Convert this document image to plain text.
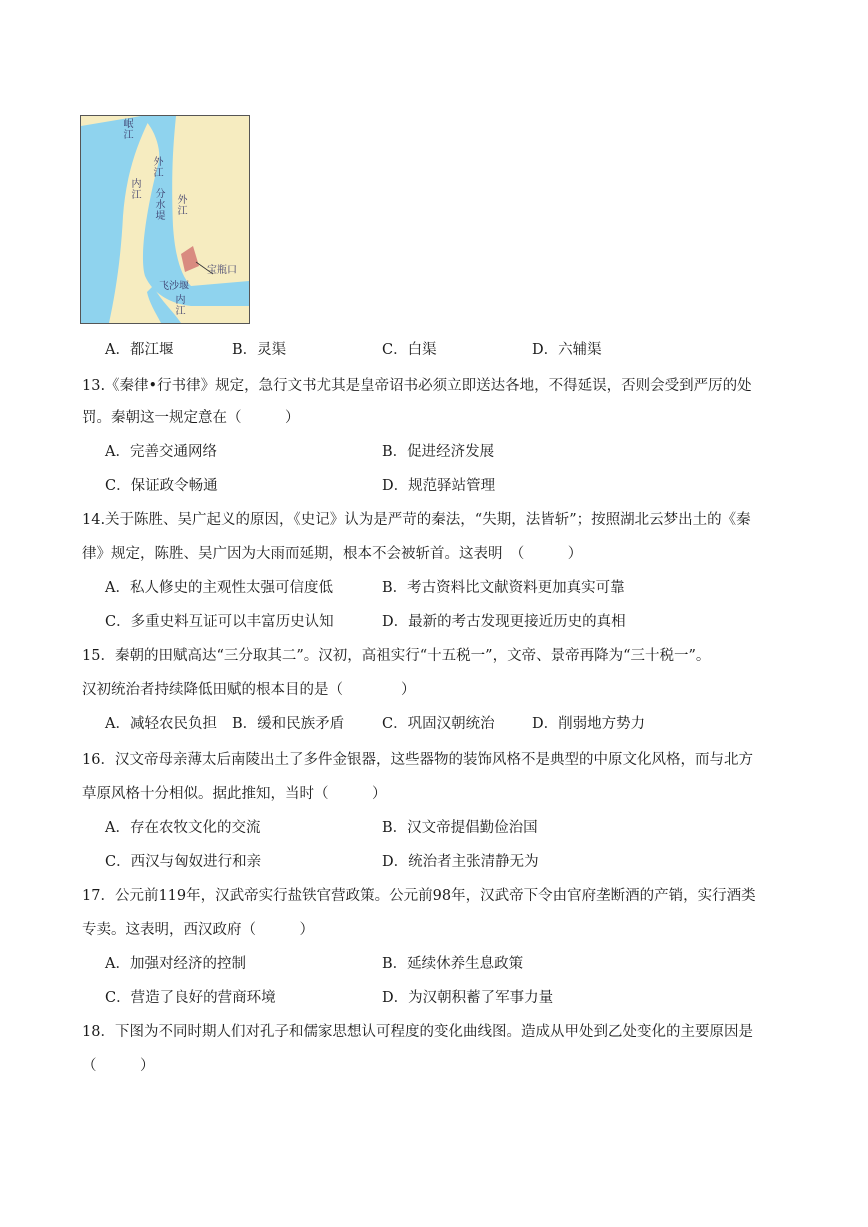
岷江
外江
内江
外江
分水堤
宝瓶口
飞沙堰
内江
A．都江堰	B．灵渠	C．白渠	D．六辅渠
13.《秦律•行书律》规定，急行文书尤其是皇帝诏书必须立即送达各地，不得延误，否则会受到严厉的处
罚。秦朝这一规定意在（　　　）
A．完善交通网络	B．促进经济发展
C．保证政令畅通	D．规范驿站管理
14.关于陈胜、吴广起义的原因，《史记》认为是严苛的秦法，“失期，法皆斩”；按照湖北云梦出土的《秦
律》规定，陈胜、吴广因为大雨而延期，根本不会被斩首。这表明　（　　　）
A．私人修史的主观性太强可信度低	B．考古资料比文献资料更加真实可靠
C．多重史料互证可以丰富历史认知	D．最新的考古发现更接近历史的真相
15．秦朝的田赋高达“三分取其二”。汉初，高祖实行“十五税一”，文帝、景帝再降为“三十税一”。
汉初统治者持续降低田赋的根本目的是（　　　　）
A．减轻农民负担 B．缓和民族矛盾	C．巩固汉朝统治	D．削弱地方势力
16．汉文帝母亲薄太后南陵出土了多件金银器，这些器物的装饰风格不是典型的中原文化风格，而与北方
草原风格十分相似。据此推知，当时（　　　）
A．存在农牧文化的交流	B．汉文帝提倡勤俭治国
C．西汉与匈奴进行和亲	D．统治者主张清静无为
17．公元前119年，汉武帝实行盐铁官营政策。公元前98年，汉武帝下令由官府垄断酒的产销，实行酒类
专卖。这表明，西汉政府（　　　）
A．加强对经济的控制	B．延续休养生息政策
C．营造了良好的营商环境	D．为汉朝积蓄了军事力量
18．下图为不同时期人们对孔子和儒家思想认可程度的变化曲线图。造成从甲处到乙处变化的主要原因是
（　　　）
